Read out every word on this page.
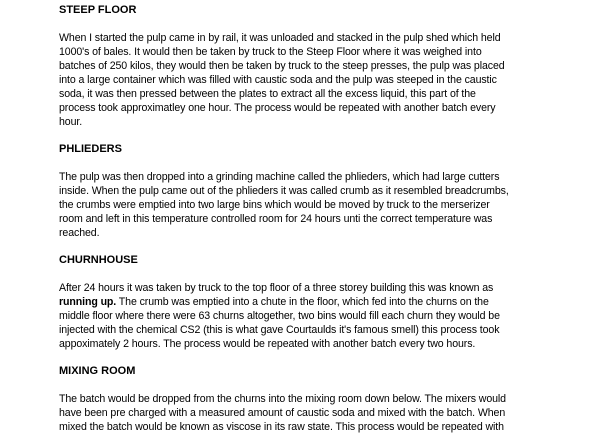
STEEP FLOOR

When I started the pulp came in by rail, it was unloaded and stacked in the pulp shed which held
1000's of bales. It would then be taken by truck to the Steep Floor where it was weighed into
batches of 250 kilos, they would then be taken by truck to the steep presses, the pulp was placed
into a large container which was filled with caustic soda and the pulp was steeped in the caustic
soda, it was then pressed between the plates to extract all the excess liquid, this part of the
process took approximatley one hour. The process would be repeated with another batch every
hour.

PHLIEDERS

The pulp was then dropped into a grinding machine called the phlieders, which had large cutters
inside. When the pulp came out of the phlieders it was called crumb as it resembled breadcrumbs,
the crumbs were emptied into two large bins which would be moved by truck to the merserizer
room and left in this temperature controlled room for 24 hours unti the correct temperature was
reached.

CHURNHOUSE

After 24 hours it was taken by truck to the top floor of a three storey building this was known as
running up. The crumb was emptied into a chute in the floor, which fed into the churns on the
middle floor where there were 63 churns altogether, two bins would fill each churn they would be
injected with the chemical CS2 (this is what gave Courtaulds it's famous smell) this process took
appoximately 2 hours. The process would be repeated with another batch every two hours.

MIXING ROOM

The batch would be dropped from the churns into the mixing room down below. The mixers would
have been pre charged with a measured amount of caustic soda and mixed with the batch. When
mixed the batch would be known as viscose in its raw state. This process would be repeated with
